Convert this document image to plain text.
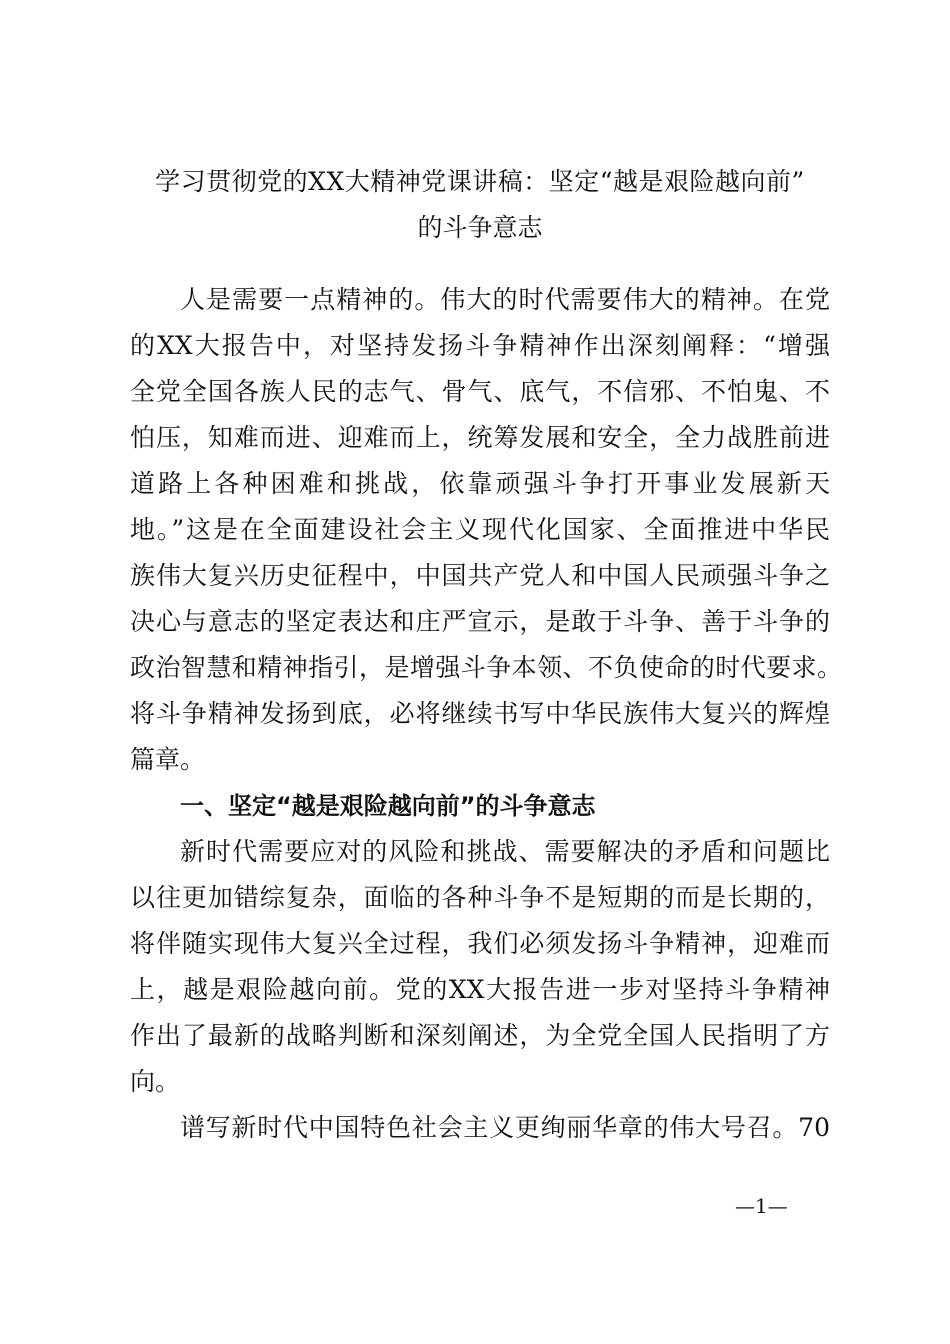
学习贯彻党的XX大精神党课讲稿：坚定“越是艰险越向前”
的斗争意志
人是需要一点精神的。伟大的时代需要伟大的精神。在党
的XX大报告中，对坚持发扬斗争精神作出深刻阐释：“增强
全党全国各族人民的志气、骨气、底气，不信邪、不怕鬼、不
怕压，知难而进、迎难而上，统筹发展和安全，全力战胜前进
道路上各种困难和挑战，依靠顽强斗争打开事业发展新天
地。”这是在全面建设社会主义现代化国家、全面推进中华民
族伟大复兴历史征程中，中国共产党人和中国人民顽强斗争之
决心与意志的坚定表达和庄严宣示，是敢于斗争、善于斗争的
政治智慧和精神指引，是增强斗争本领、不负使命的时代要求。
将斗争精神发扬到底，必将继续书写中华民族伟大复兴的辉煌
篇章。
一、坚定“越是艰险越向前”的斗争意志
新时代需要应对的风险和挑战、需要解决的矛盾和问题比
以往更加错综复杂，面临的各种斗争不是短期的而是长期的，
将伴随实现伟大复兴全过程，我们必须发扬斗争精神，迎难而
上，越是艰险越向前。党的XX大报告进一步对坚持斗争精神
作出了最新的战略判断和深刻阐述，为全党全国人民指明了方
向。
谱写新时代中国特色社会主义更绚丽华章的伟大号召。70
—1—
